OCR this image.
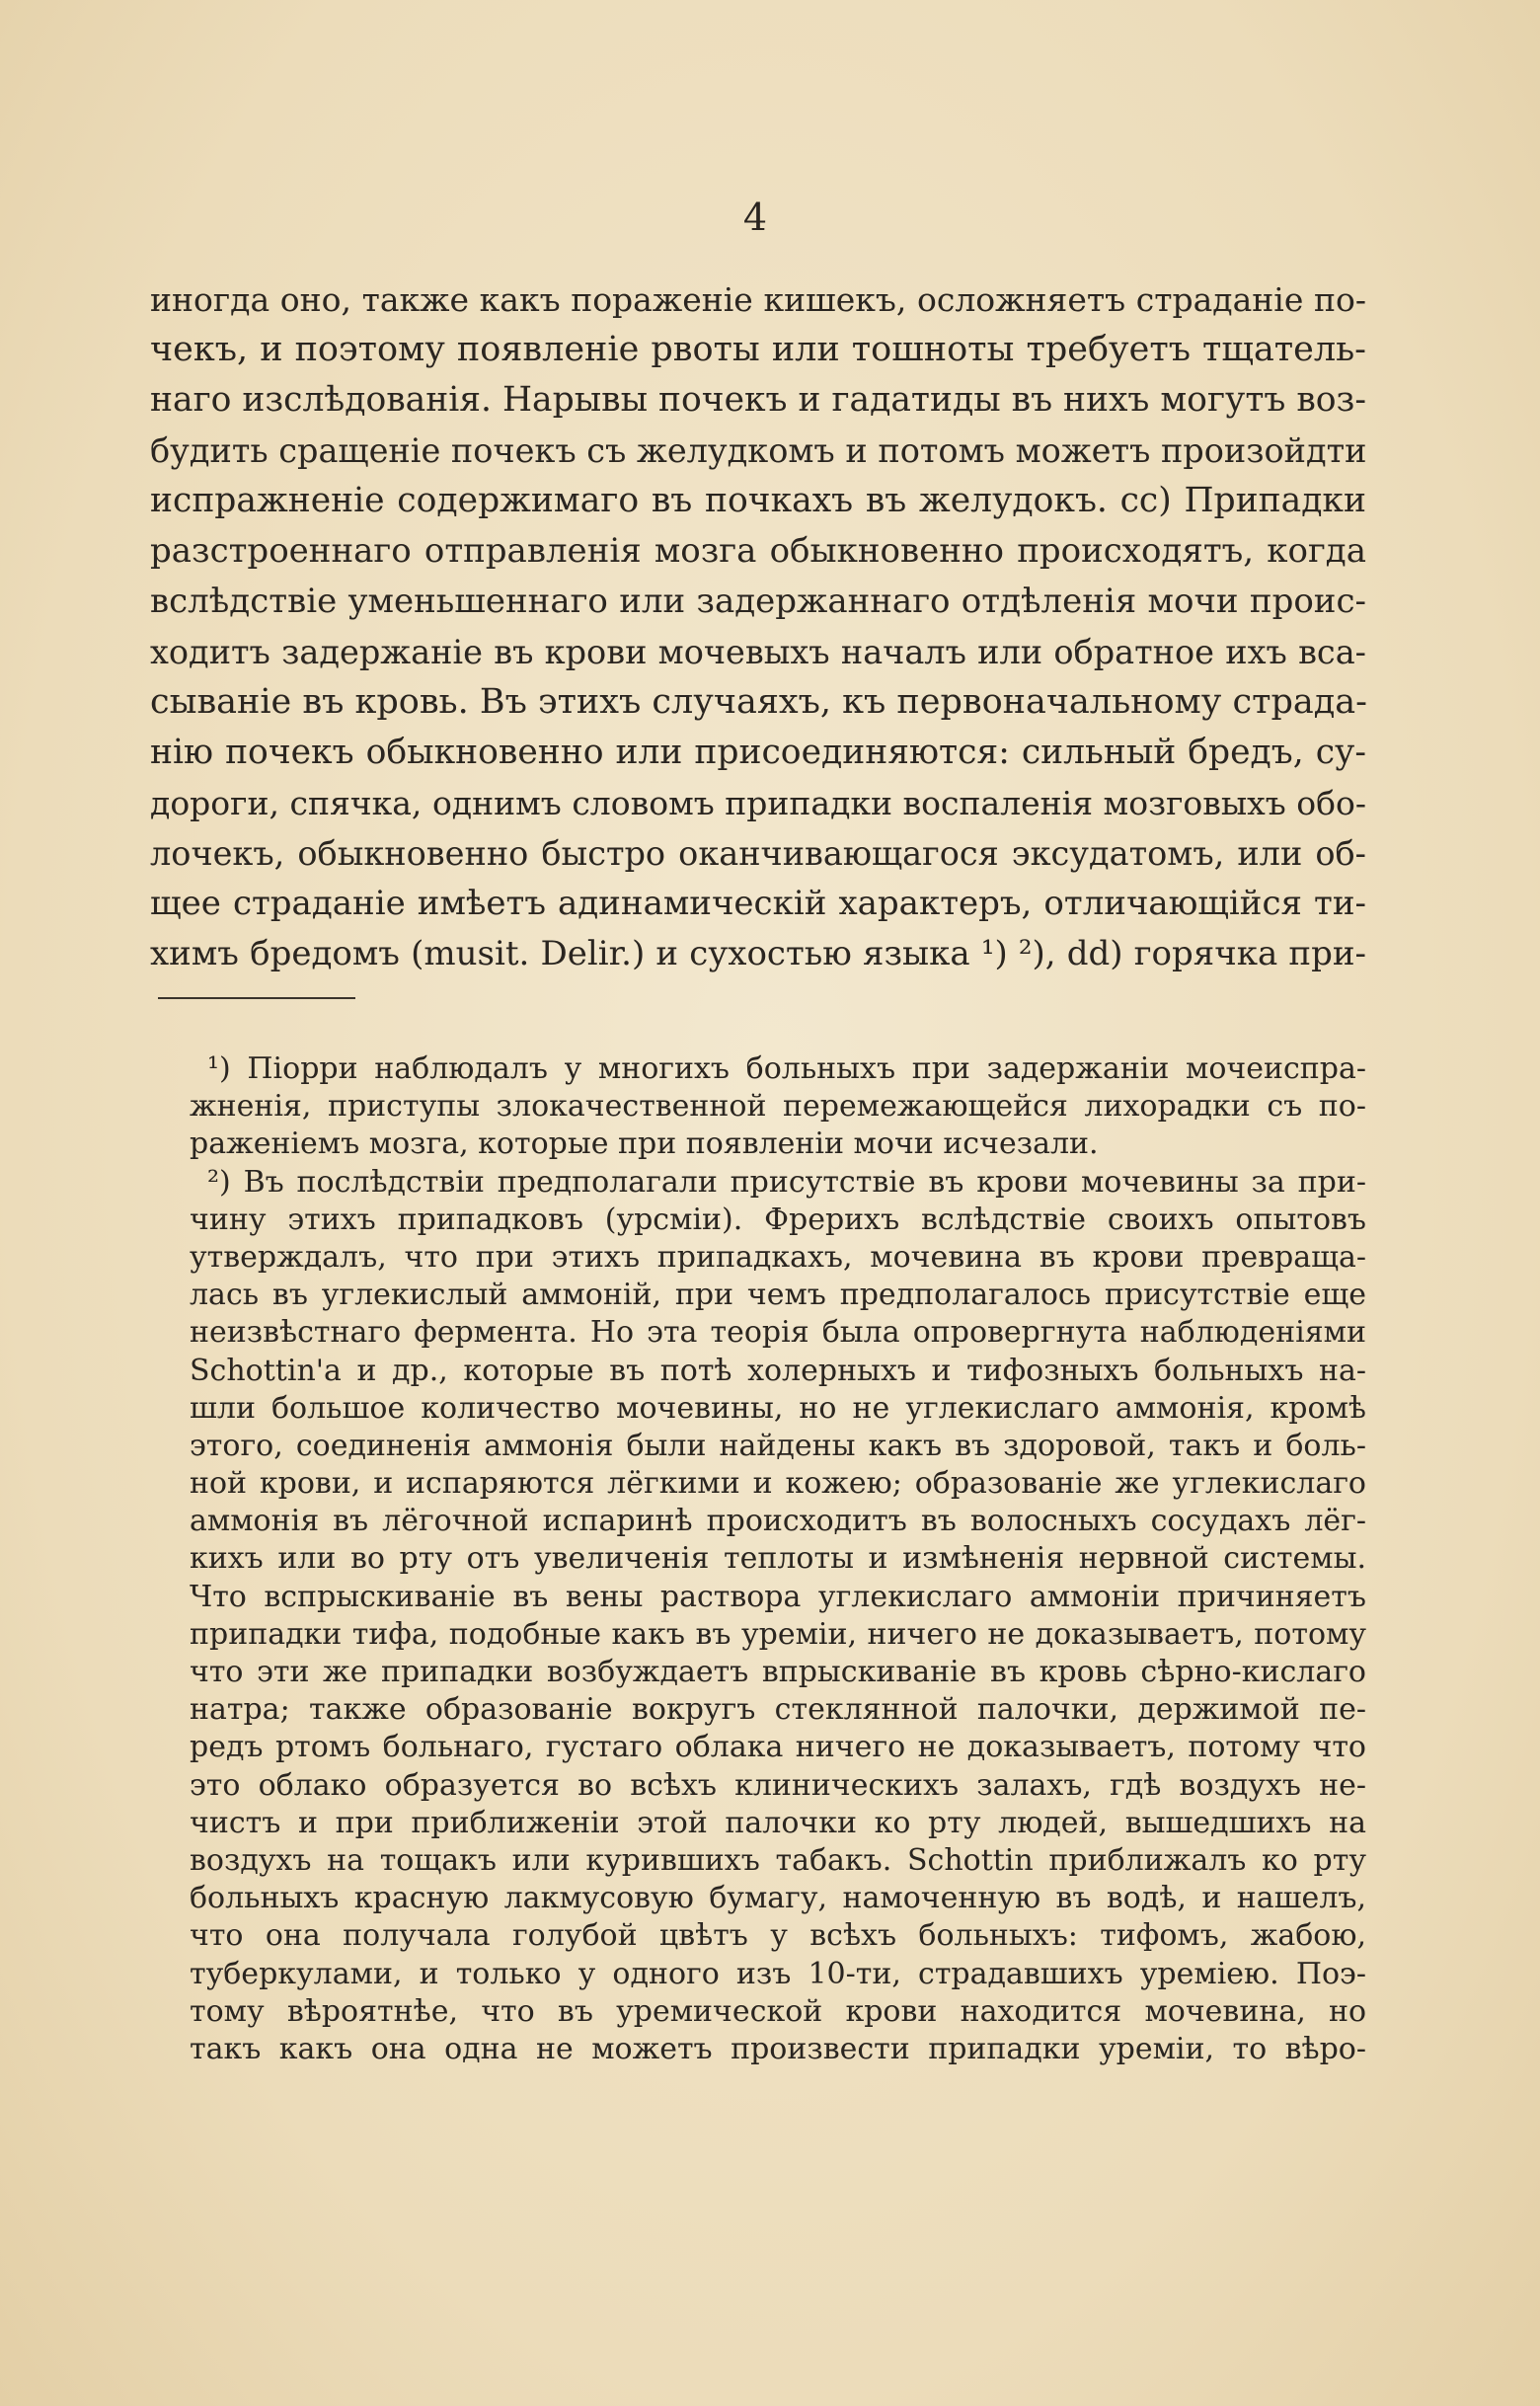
4
иногда оно, также какъ пораженіе кишекъ, осложняетъ страданіе по-
чекъ, и поэтому появленіе рвоты или тошноты требуетъ тщатель-
наго изслѣдованія. Нарывы почекъ и гадатиды въ нихъ могутъ воз-
будить сращеніе почекъ съ желудкомъ и потомъ можетъ произойдти
испражненіе содержимаго въ почкахъ въ желудокъ. cc) Припадки
разстроеннаго отправленія мозга обыкновенно происходятъ, когда
вслѣдствіе уменьшеннаго или задержаннаго отдѣленія мочи проис-
ходитъ задержаніе въ крови мочевыхъ началъ или обратное ихъ вса-
сываніе въ кровь. Въ этихъ случаяхъ, къ первоначальному страда-
нію почекъ обыкновенно или присоединяются: сильный бредъ, су-
дороги, спячка, однимъ словомъ припадки воспаленія мозговыхъ обо-
лочекъ, обыкновенно быстро оканчивающагося эксудатомъ, или об-
щее страданіе имѣетъ адинамическій характеръ, отличающійся ти-
химъ бредомъ (musit. Delir.) и сухостью языка ¹) ²), dd) горячка при-
¹) Піорри наблюдалъ у многихъ больныхъ при задержаніи мочеиспра-
жненія, приступы злокачественной перемежающейся лихорадки съ по-
раженіемъ мозга, которые при появленіи мочи исчезали.
²) Въ послѣдствіи предполагали присутствіе въ крови мочевины за при-
чину этихъ припадковъ (урсміи). Фрерихъ вслѣдствіе своихъ опытовъ
утверждалъ, что при этихъ припадкахъ, мочевина въ крови превраща-
лась въ углекислый аммоній, при чемъ предполагалось присутствіе еще
неизвѣстнаго фермента. Но эта теорія была опровергнута наблюденіями
Schottin'a и др., которые въ потѣ холерныхъ и тифозныхъ больныхъ на-
шли большое количество мочевины, но не углекислаго аммонія, кромѣ
этого, соединенія аммонія были найдены какъ въ здоровой, такъ и боль-
ной крови, и испаряются лёгкими и кожею; образованіе же углекислаго
аммонія въ лёгочной испаринѣ происходитъ въ волосныхъ сосудахъ лёг-
кихъ или во рту отъ увеличенія теплоты и измѣненія нервной системы.
Что вспрыскиваніе въ вены раствора углекислаго аммоніи причиняетъ
припадки тифа, подобные какъ въ уреміи, ничего не доказываетъ, потому
что эти же припадки возбуждаетъ впрыскиваніе въ кровь сѣрно-кислаго
натра; также образованіе вокругъ стеклянной палочки, держимой пе-
редъ ртомъ больнаго, густаго облака ничего не доказываетъ, потому что
это облако образуется во всѣхъ клиническихъ залахъ, гдѣ воздухъ не-
чистъ и при приближеніи этой палочки ко рту людей, вышедшихъ на
воздухъ на тощакъ или курившихъ табакъ. Schottin приближалъ ко рту
больныхъ красную лакмусовую бумагу, намоченную въ водѣ, и нашелъ,
что она получала голубой цвѣтъ у всѣхъ больныхъ: тифомъ, жабою,
туберкулами, и только у одного изъ 10-ти, страдавшихъ уреміею. Поэ-
тому вѣроятнѣе, что въ уремической крови находится мочевина, но
такъ какъ она одна не можетъ произвести припадки уреміи, то вѣро-
